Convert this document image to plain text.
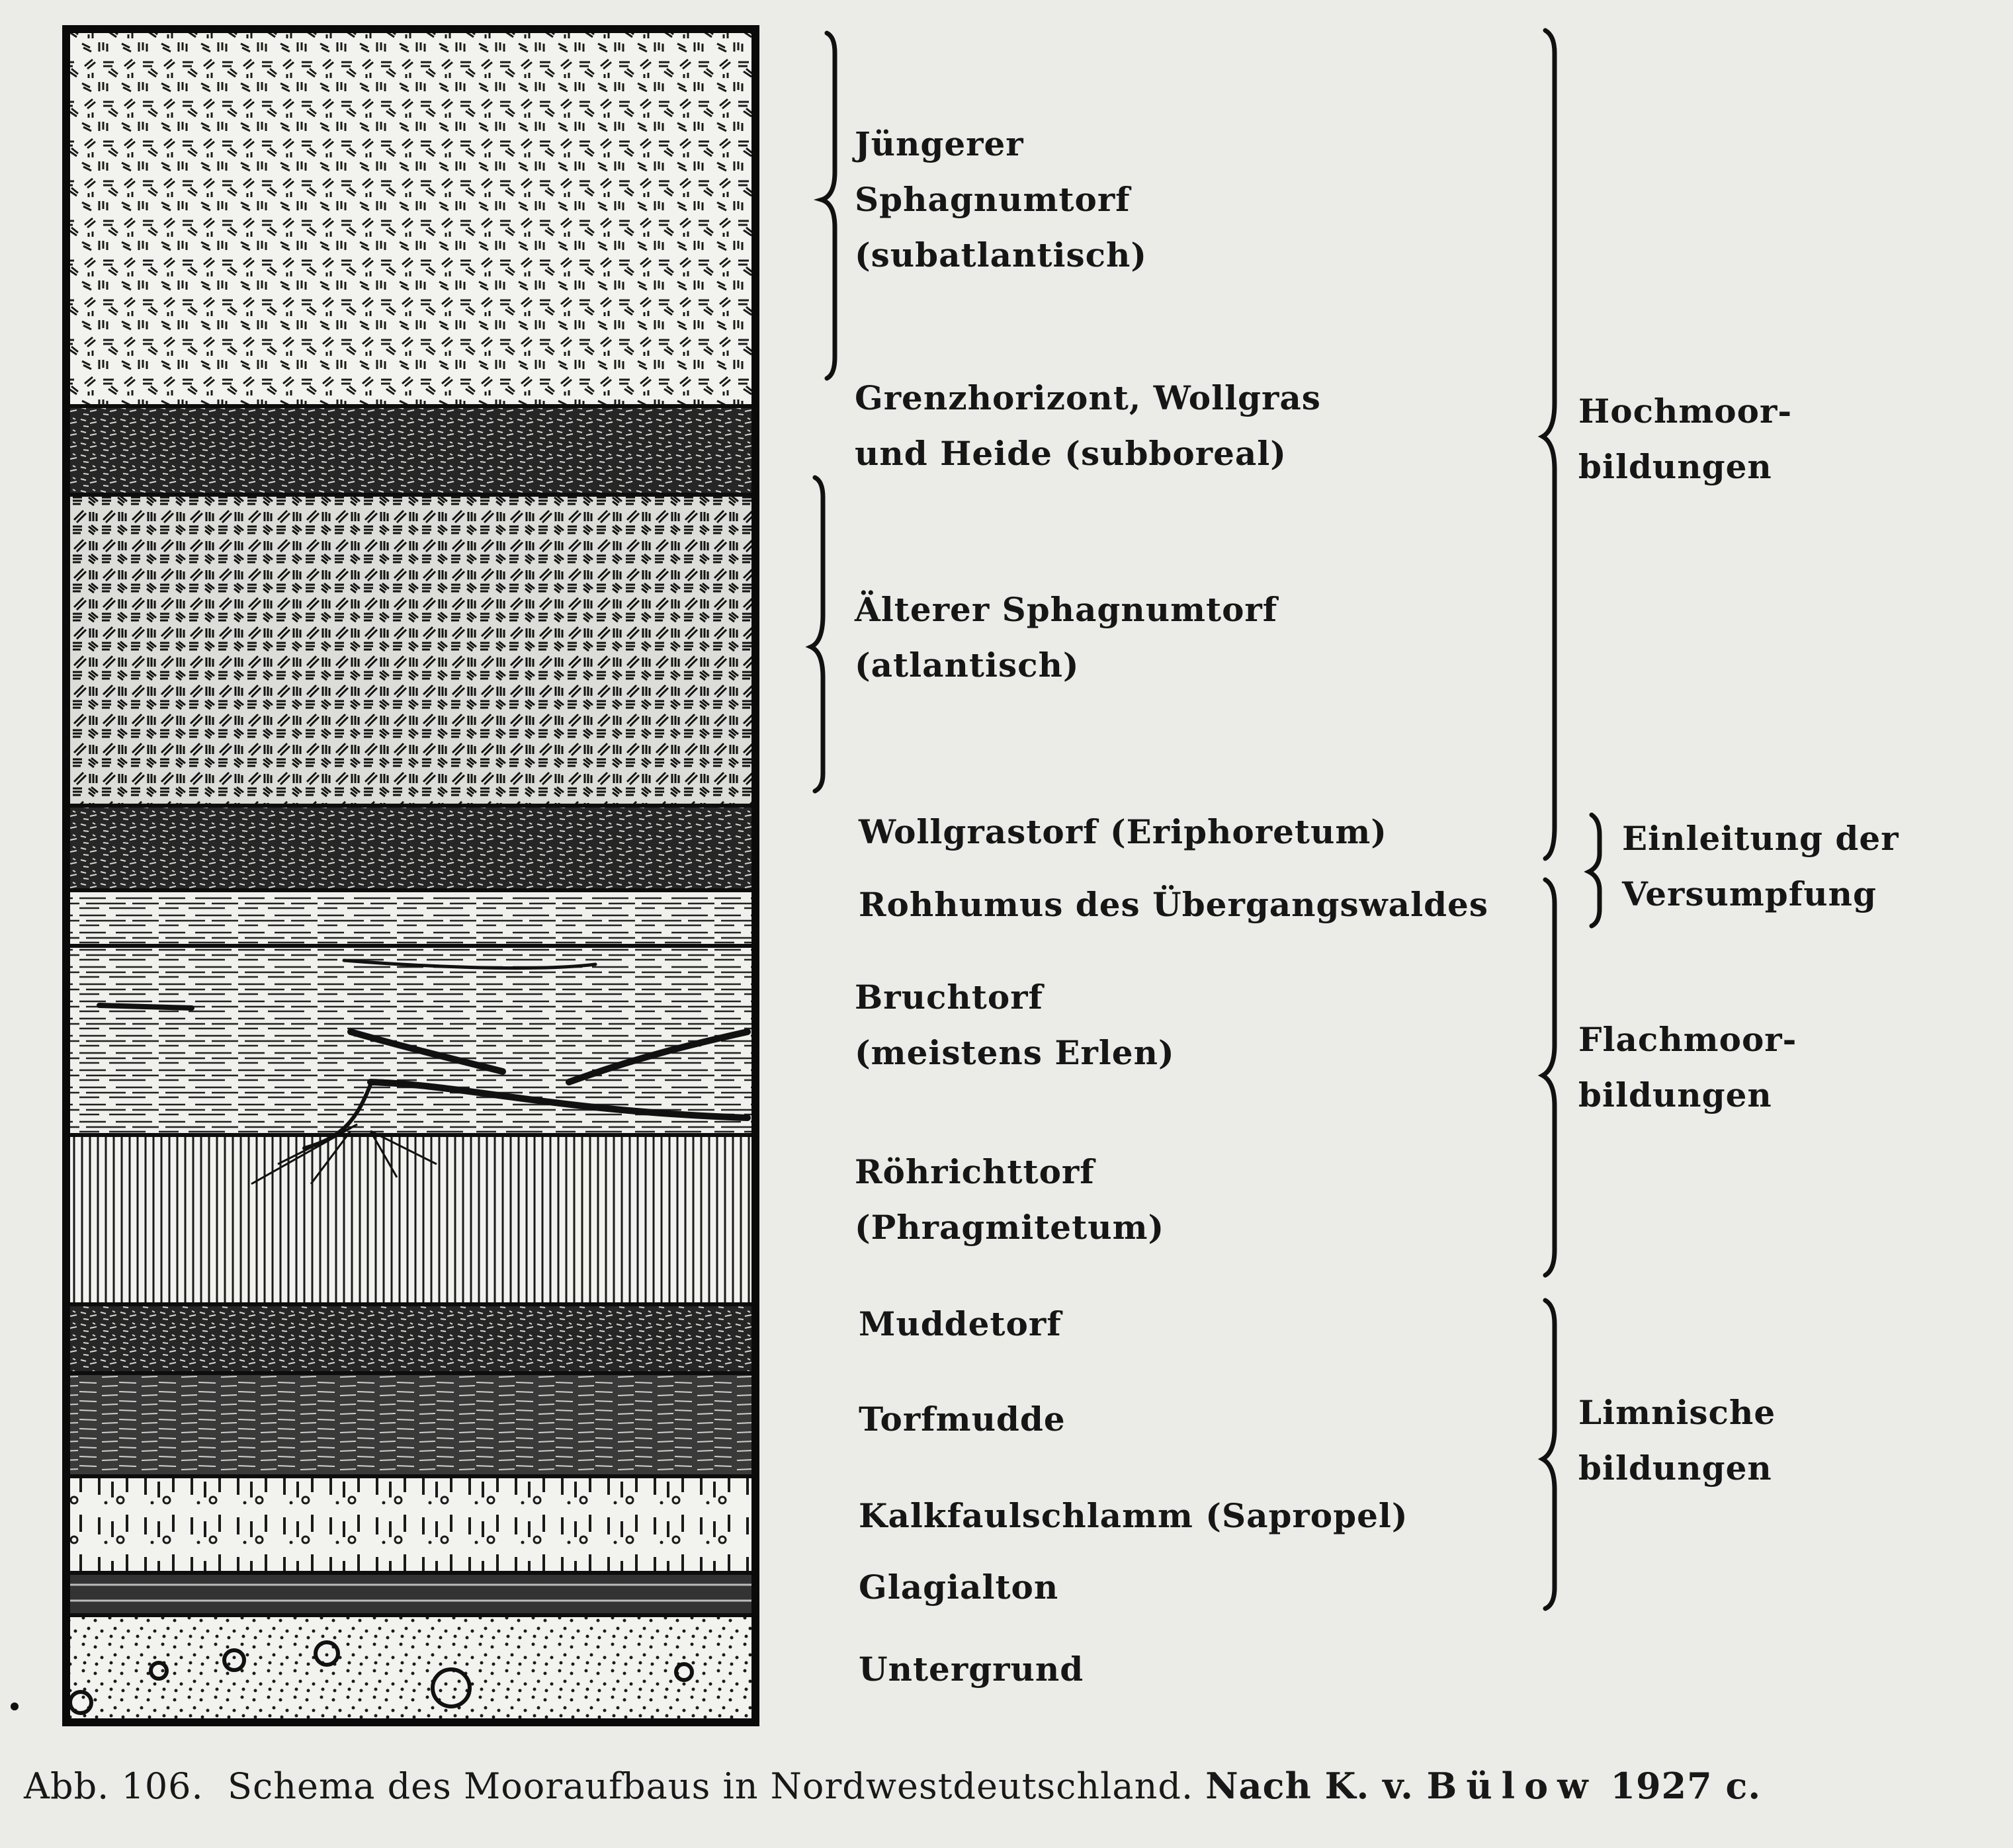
Jüngerer
Sphagnumtorf
(subatlantisch)
Grenzhorizont, Wollgras
und Heide (subboreal)
Älterer Sphagnumtorf
(atlantisch)
Wollgrastorf (Eriphoretum)
Rohhumus des Übergangswaldes
Bruchtorf
(meistens Erlen)
Röhrichttorf
(Phragmitetum)
Muddetorf
Torfmudde
Kalkfaulschlamm (Sapropel)
Glagialton
Untergrund
Hochmoor-
bildungen
Einleitung der
Versumpfung
Flachmoor-
bildungen
Limnische
bildungen
Abb. 106.  Schema des Mooraufbaus in Nordwestdeutschland. Nach K. v. Bülow 1927 c.
